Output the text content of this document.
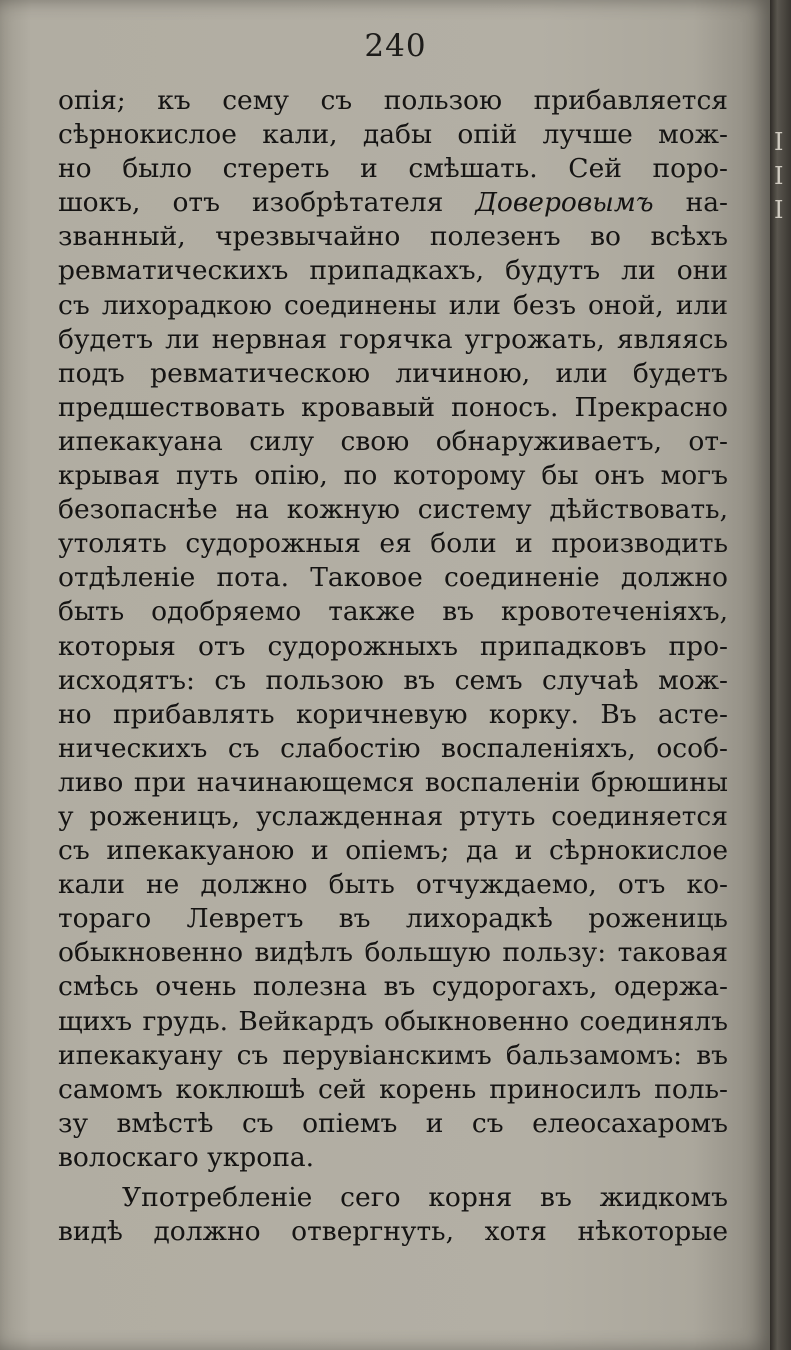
240
опія; къ сему съ пользою прибавляется
сѣрнокислое кали, дабы опій лучше мож-
но было стереть и смѣшать. Сей поро-
шокъ, отъ изобрѣтателя Доверовымъ на-
званный, чрезвычайно полезенъ во всѣхъ
ревматическихъ припадкахъ, будутъ ли они
съ лихорадкою соединены или безъ оной, или
будетъ ли нервная горячка угрожать, являясь
подъ ревматическою личиною, или будетъ
предшествовать кровавый поносъ. Прекрасно
ипекакуана силу свою обнаруживаетъ, от-
крывая путь опію, по которому бы онъ могъ
безопаснѣе на кожную систему дѣйствовать,
утолять судорожныя ея боли и производить
отдѣленіе пота. Таковое соединеніе должно
быть одобряемо также въ кровотеченіяхъ,
которыя отъ судорожныхъ припадковъ про-
исходятъ: съ пользою въ семъ случаѣ мож-
но прибавлять коричневую корку. Въ асте-
ническихъ съ слабостію воспаленіяхъ, особ-
ливо при начинающемся воспаленіи брюшины
у роженицъ, услажденная ртуть соединяется
съ ипекакуаною и опіемъ; да и сѣрнокислое
кали не должно быть отчуждаемо, отъ ко-
тораго Левретъ въ лихорадкѣ рожениць
обыкновенно видѣлъ большую пользу: таковая
смѣсь очень полезна въ судорогахъ, одержа-
щихъ грудь. Вейкардъ обыкновенно соединялъ
ипекакуану съ перувіанскимъ бальзамомъ: въ
самомъ коклюшѣ сей корень приносилъ поль-
зу вмѣстѣ съ опіемъ и съ елеосахаромъ
волоскаго укропа.
Употребленіе сего корня въ жидкомъ
видѣ должно отвергнуть, хотя нѣкоторые
I
I
I
